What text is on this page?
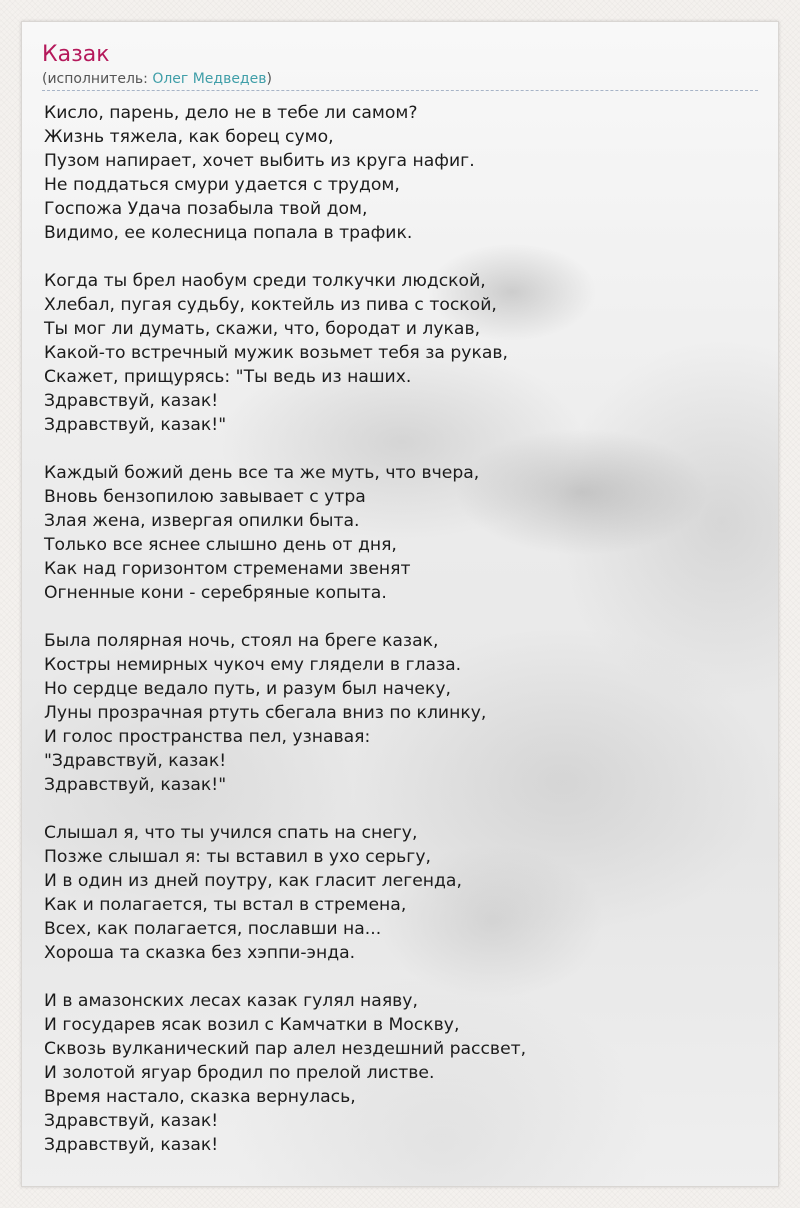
Казак
(исполнитель: Олег Медведев)
Кисло, парень, дело не в тебе ли самом?
Жизнь тяжела, как борец сумо,
Пузом напирает, хочет выбить из круга нафиг.
Не поддаться смури удается с трудом,
Госпожа Удача позабыла твой дом,
Видимо, ее колесница попала в трафик.
Когда ты брел наобум среди толкучки людской,
Хлебал, пугая судьбу, коктейль из пива с тоской,
Ты мог ли думать, скажи, что, бородат и лукав,
Какой-то встречный мужик возьмет тебя за рукав,
Скажет, прищурясь: "Ты ведь из наших.
Здравствуй, казак!
Здравствуй, казак!"
Каждый божий день все та же муть, что вчера,
Вновь бензопилою завывает с утра
Злая жена, извергая опилки быта.
Только все яснее слышно день от дня,
Как над горизонтом стременами звенят
Огненные кони - серебряные копыта.
Была полярная ночь, стоял на бреге казак,
Костры немирных чукоч ему глядели в глаза.
Но сердце ведало путь, и разум был начеку,
Луны прозрачная ртуть сбегала вниз по клинку,
И голос пространства пел, узнавая:
"Здравствуй, казак!
Здравствуй, казак!"
Слышал я, что ты учился спать на снегу,
Позже слышал я: ты вставил в ухо серьгу,
И в один из дней поутру, как гласит легенда,
Как и полагается, ты встал в стремена,
Всех, как полагается, пославши на...
Хороша та сказка без хэппи-энда.
И в амазонских лесах казак гулял наяву,
И государев ясак возил с Камчатки в Москву,
Сквозь вулканический пар алел нездешний рассвет,
И золотой ягуар бродил по прелой листве.
Время настало, сказка вернулась,
Здравствуй, казак!
Здравствуй, казак!
